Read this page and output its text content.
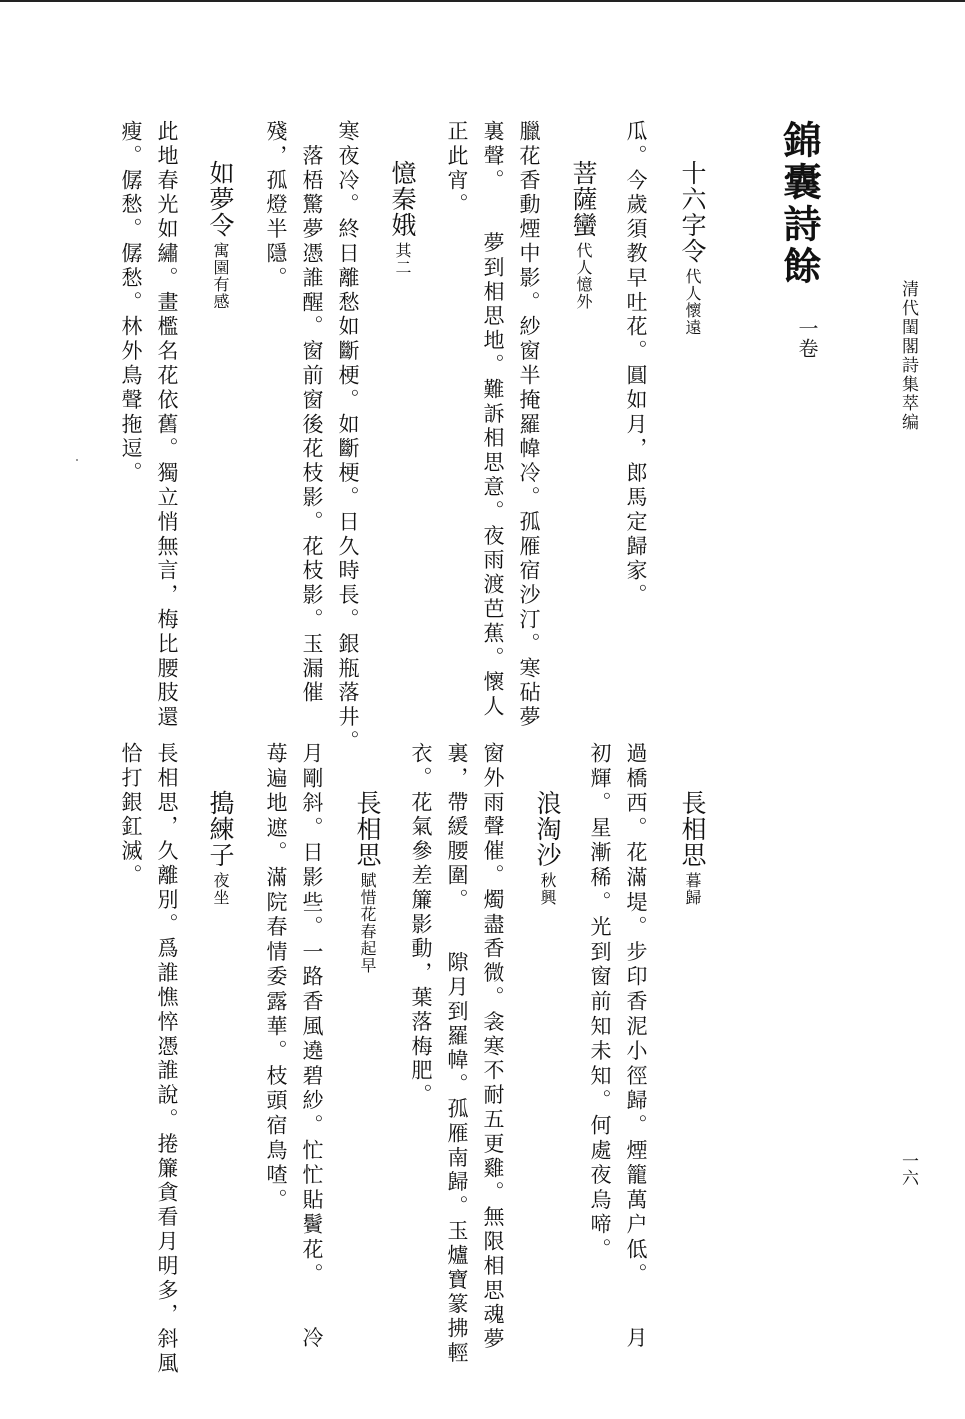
清代閨閣詩集萃编
一六
錦囊詩餘
一卷
十六字令代人懷遠
瓜。今歲須教早吐花。圓如月，郎馬定歸家。
菩薩蠻代人憶外
臘花香動煙中影。紗窗半掩羅幃冷。孤雁宿沙汀。寒砧夢
裏聲。　　夢到相思地。難訴相思意。夜雨渡芭蕉。懷人
正此宵。
憶秦娥其二
寒夜冷。終日離愁如斷梗。如斷梗。日久時長。銀瓶落井。
　落梧驚夢憑誰醒。窗前窗後花枝影。花枝影。玉漏催
殘，孤燈半隱。
如夢令寓園有感
此地春光如繡。畫檻名花依舊。獨立悄無言，梅比腰肢還
瘦。僝愁。僝愁。林外鳥聲拖逗。
長相思暮歸
過橋西。花滿堤。步印香泥小徑歸。煙籠萬户低。　　月
初輝。星漸稀。光到窗前知未知。何處夜烏啼。
浪淘沙秋興
窗外雨聲催。燭盡香微。衾寒不耐五更雞。無限相思魂夢
裏，帶緩腰圍。　　隙月到羅幃。孤雁南歸。玉爐寶篆拂輕
衣。花氣參差簾影動，葉落梅肥。
長相思賦惜花春起早
月剛斜。日影些。一路香風遶碧紗。忙忙貼鬢花。　　冷
苺遍地遮。滿院春情委露華。枝頭宿鳥喳。
搗練子夜坐
長相思，久離別。爲誰憔悴憑誰說。捲簾貪看月明多，斜風
恰打銀釭滅。
